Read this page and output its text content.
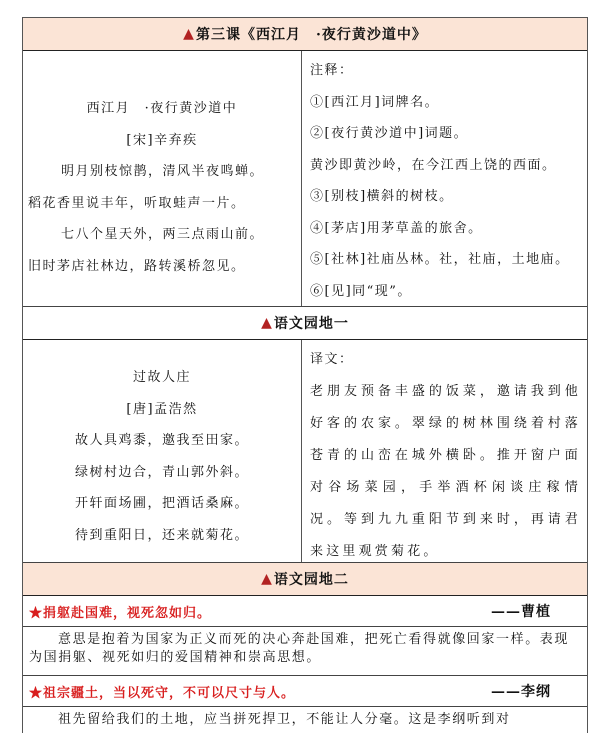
▲ 第三课《西江月　·夜行黄沙道中》
西江月　·夜行黄沙道中
[宋]辛弃疾
明月别枝惊鹊，清风半夜鸣蝉。
稻花香里说丰年，听取蛙声一片。
七八个星天外，两三点雨山前。
旧时茅店社林边，路转溪桥忽见。
注释：
①[西江月]词牌名。
②[夜行黄沙道中]词题。
黄沙即黄沙岭，在今江西上饶的西面。
③[别枝]横斜的树枝。
④[茅店]用茅草盖的旅舍。
⑤[社林]社庙丛林。社，社庙，土地庙。
⑥[见]同“现”。
▲ 语文园地一
过故人庄
[唐]孟浩然
故人具鸡黍，邀我至田家。
绿树村边合，青山郭外斜。
开轩面场圃，把酒话桑麻。
待到重阳日，还来就菊花。
译文：
老朋友预备丰盛的饭菜，邀请我到他好客的农家。翠绿的树林围绕着村落苍青的山峦在城外横卧。推开窗户面对谷场菜园，手举酒杯闲谈庄稼情况。等到九九重阳节到来时，再请君来这里观赏菊花。
▲ 语文园地二
★捐躯赴国难，视死忽如归。	——曹植
意思是抱着为国家为正义而死的决心奔赴国难，把死亡看得就像回家一样。表现为国捐躯、视死如归的爱国精神和崇高思想。
★祖宗疆土，当以死守，不可以尺寸与人。	——李纲
祖先留给我们的土地，应当拼死捍卫，不能让人分毫。这是李纲听到对
